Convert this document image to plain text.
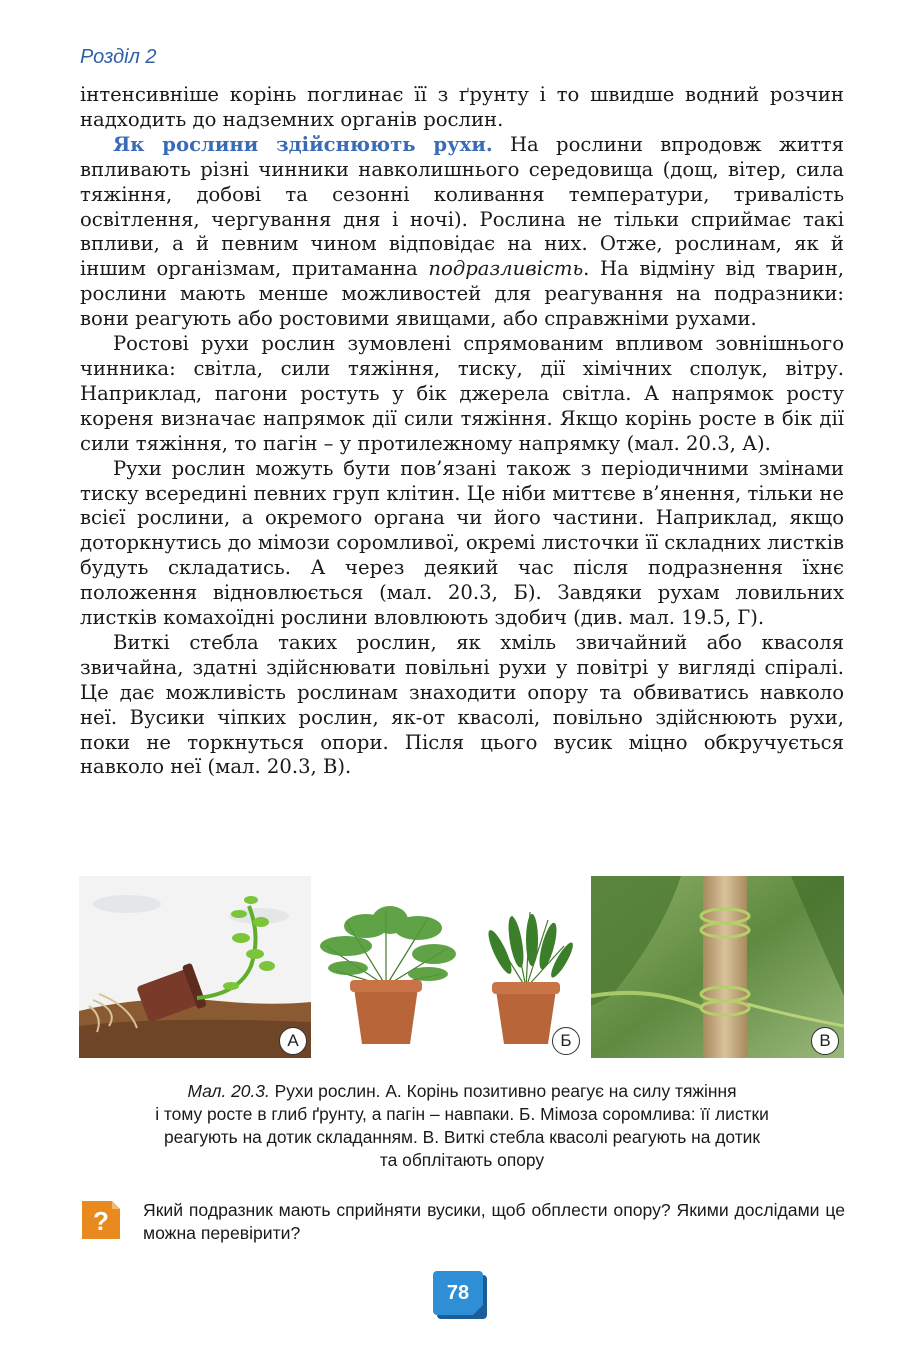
Розділ 2

інтенсивніше корінь поглинає її з ґрунту і то швидше водний розчин надходить до надземних органів рослин.

Як рослини здійснюють рухи. На рослини впродовж життя впливають різні чинники навколишнього середовища (дощ, вітер, сила тяжіння, добові та сезонні коливання температури, тривалість освітлення, чергування дня і ночі). Рослина не тільки сприймає такі впливи, а й певним чином відповідає на них. Отже, рослинам, як й іншим організмам, притаманна подразливість. На відміну від тварин, рослини мають менше можливостей для реагування на подразники: вони реагують або ростовими явищами, або справжніми рухами.

Ростові рухи рослин зумовлені спрямованим впливом зовнішнього чинника: світла, сили тяжіння, тиску, дії хімічних сполук, вітру. Наприклад, пагони ростуть у бік джерела світла. А напрямок росту кореня визначає напрямок дії сили тяжіння. Якщо корінь росте в бік дії сили тяжіння, то пагін – у протилежному напрямку (мал. 20.3, А).

Рухи рослин можуть бути пов’язані також з періодичними змінами тиску всередині певних груп клітин. Це ніби миттєве в’янення, тільки не всієї рослини, а окремого органа чи його частини. Наприклад, якщо доторкнутись до мімози соромливої, окремі листочки її складних листків будуть складатись. А через деякий час після подразнення їхнє положення відновлюється (мал. 20.3, Б). Завдяки рухам ловильних листків комахоїдні рослини вловлюють здобич (див. мал. 19.5, Г).

Виткі стебла таких рослин, як хміль звичайний або квасоля звичайна, здатні здійснювати повільні рухи у повітрі у вигляді спіралі. Це дає можливість рослинам знаходити опору та обвиватись навколо неї. Вусики чіпких рослин, як-от квасолі, повільно здійснюють рухи, поки не торкнуться опори. Після цього вусик міцно обкручується навколо неї (мал. 20.3, В).

А	Б	В
Мал. 20.3. Рухи рослин. А. Корінь позитивно реагує на силу тяжіння
і тому росте в глиб ґрунту, а пагін – навпаки. Б. Мімоза соромлива: її листки
реагують на дотик складанням. В. Виткі стебла квасолі реагують на дотик
та обплітають опору
? Який подразник мають сприйняти вусики, щоб обплести опору? Якими дослідами це можна перевірити?
78
